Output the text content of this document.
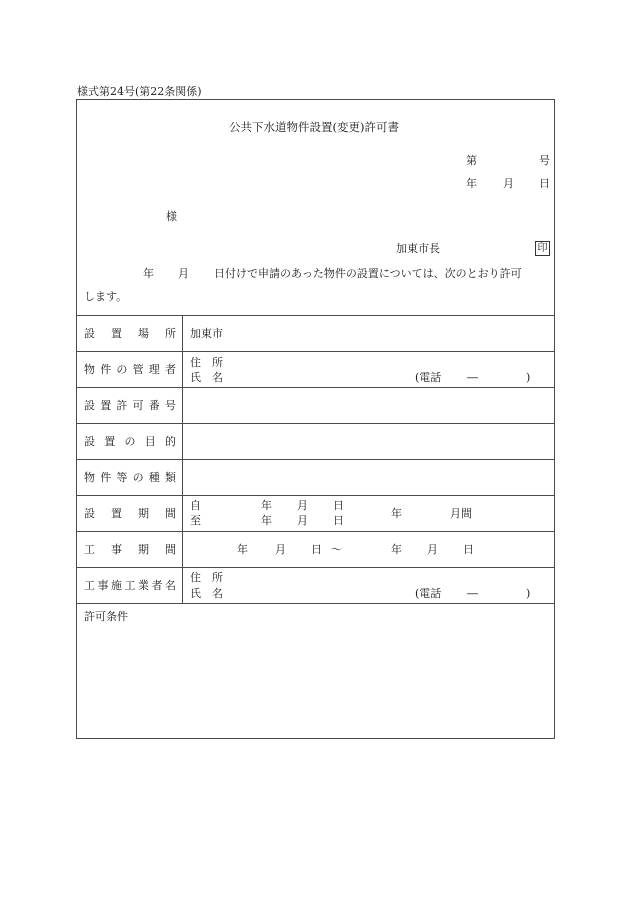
様式第24号(第22条関係)
公共下水道物件設置(変更)許可書
第	号
年 月 日
様
加東市長	印
年 月 日付けで申請のあった物件の設置については、次のとおり許可
します。
設 置 場 所 加東市
物 件 の 管 理 者
住　所
氏　名	(電話 ―	)
設 置 許 可 番 号
設 置 の 目 的
物 件 等 の 種 類
設 置 期 間
自	年 月 日
至	年 月 日
年	月間
工 事 期 間	年 月 日 ～	年 月 日
工 事 施 工 業 者 名
住　所
氏　名	(電話 ―	)
許可条件
